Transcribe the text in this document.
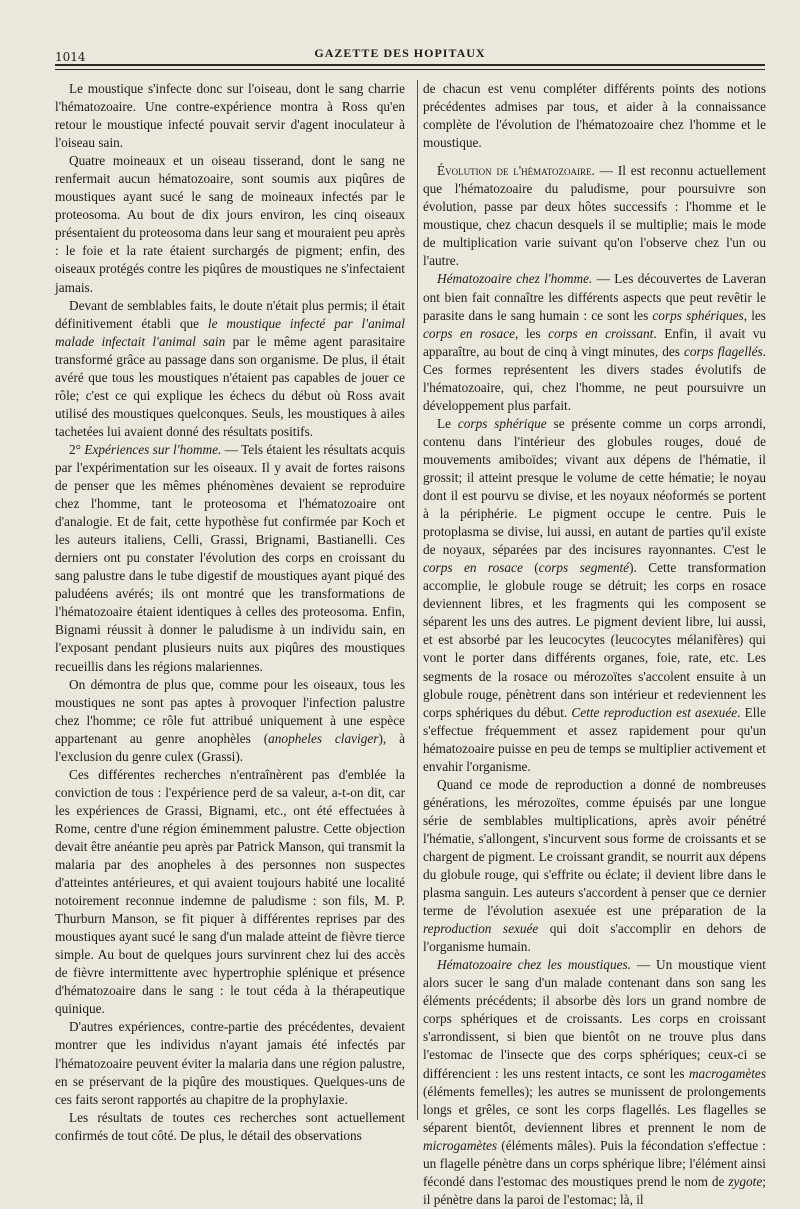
1014	GAZETTE DES HOPITAUX

Le moustique s'infecte donc sur l'oiseau, dont le sang charrie l'hématozoaire. Une contre-expérience montra à Ross qu'en retour le moustique infecté pouvait servir d'agent inoculateur à l'oiseau sain.

Quatre moineaux et un oiseau tisserand, dont le sang ne renfermait aucun hématozoaire, sont soumis aux piqûres de moustiques ayant sucé le sang de moineaux infectés par le proteosoma. Au bout de dix jours environ, les cinq oiseaux présentaient du proteosoma dans leur sang et mouraient peu après : le foie et la rate étaient surchargés de pigment; enfin, des oiseaux protégés contre les piqûres de moustiques ne s'infectaient jamais.

Devant de semblables faits, le doute n'était plus permis; il était définitivement établi que le moustique infecté par l'animal malade infectait l'animal sain par le même agent parasitaire transformé grâce au passage dans son organisme. De plus, il était avéré que tous les moustiques n'étaient pas capables de jouer ce rôle; c'est ce qui explique les échecs du début où Ross avait utilisé des moustiques quelconques. Seuls, les moustiques à ailes tachetées lui avaient donné des résultats positifs.

2° Expériences sur l'homme. — Tels étaient les résultats acquis par l'expérimentation sur les oiseaux. Il y avait de fortes raisons de penser que les mêmes phénomènes devaient se reproduire chez l'homme, tant le proteosoma et l'hématozoaire ont d'analogie. Et de fait, cette hypothèse fut confirmée par Koch et les auteurs italiens, Celli, Grassi, Brignami, Bastianelli. Ces derniers ont pu constater l'évolution des corps en croissant du sang palustre dans le tube digestif de moustiques ayant piqué des paludéens avérés; ils ont montré que les transformations de l'hématozoaire étaient identiques à celles des proteosoma. Enfin, Bignami réussit à donner le paludisme à un individu sain, en l'exposant pendant plusieurs nuits aux piqûres des moustiques recueillis dans les régions malariennes.

On démontra de plus que, comme pour les oiseaux, tous les moustiques ne sont pas aptes à provoquer l'infection palustre chez l'homme; ce rôle fut attribué uniquement à une espèce appartenant au genre anophèles (anopheles claviger), à l'exclusion du genre culex (Grassi).

Ces différentes recherches n'entraînèrent pas d'emblée la conviction de tous : l'expérience perd de sa valeur, a-t-on dit, car les expériences de Grassi, Bignami, etc., ont été effectuées à Rome, centre d'une région éminemment palustre. Cette objection devait être anéantie peu après par Patrick Manson, qui transmit la malaria par des anopheles à des personnes non suspectes d'atteintes antérieures, et qui avaient toujours habité une localité notoirement reconnue indemne de paludisme : son fils, M. P. Thurburn Manson, se fit piquer à différentes reprises par des moustiques ayant sucé le sang d'un malade atteint de fièvre tierce simple. Au bout de quelques jours survinrent chez lui des accès de fièvre intermittente avec hypertrophie splénique et présence d'hématozoaire dans le sang : le tout céda à la thérapeutique quinique.

D'autres expériences, contre-partie des précédentes, devaient montrer que les individus n'ayant jamais été infectés par l'hématozoaire peuvent éviter la malaria dans une région palustre, en se préservant de la piqûre des moustiques. Quelques-uns de ces faits seront rapportés au chapitre de la prophylaxie.

Les résultats de toutes ces recherches sont actuellement confirmés de tout côté. De plus, le détail des observations

de chacun est venu compléter différents points des notions précédentes admises par tous, et aider à la connaissance complète de l'évolution de l'hématozoaire chez l'homme et le moustique.

Évolution de l'hématozoaire. — Il est reconnu actuellement que l'hématozoaire du paludisme, pour poursuivre son évolution, passe par deux hôtes successifs : l'homme et le moustique, chez chacun desquels il se multiplie; mais le mode de multiplication varie suivant qu'on l'observe chez l'un ou l'autre.

Hématozoaire chez l'homme. — Les découvertes de Laveran ont bien fait connaître les différents aspects que peut revêtir le parasite dans le sang humain : ce sont les corps sphériques, les corps en rosace, les corps en croissant. Enfin, il avait vu apparaître, au bout de cinq à vingt minutes, des corps flagellés. Ces formes représentent les divers stades évolutifs de l'hématozoaire, qui, chez l'homme, ne peut poursuivre un développement plus parfait.

Le corps sphérique se présente comme un corps arrondi, contenu dans l'intérieur des globules rouges, doué de mouvements amiboïdes; vivant aux dépens de l'hématie, il grossit; il atteint presque le volume de cette hématie; le noyau dont il est pourvu se divise, et les noyaux néoformés se portent à la périphérie. Le pigment occupe le centre. Puis le protoplasma se divise, lui aussi, en autant de parties qu'il existe de noyaux, séparées par des incisures rayonnantes. C'est le corps en rosace (corps segmenté). Cette transformation accomplie, le globule rouge se détruit; les corps en rosace deviennent libres, et les fragments qui les composent se séparent les uns des autres. Le pigment devient libre, lui aussi, et est absorbé par les leucocytes (leucocytes mélanifères) qui vont le porter dans différents organes, foie, rate, etc. Les segments de la rosace ou mérozoïtes s'accolent ensuite à un globule rouge, pénètrent dans son intérieur et redeviennent les corps sphériques du début. Cette reproduction est asexuée. Elle s'effectue fréquemment et assez rapidement pour qu'un hématozoaire puisse en peu de temps se multiplier activement et envahir l'organisme.

Quand ce mode de reproduction a donné de nombreuses générations, les mérozoïtes, comme épuisés par une longue série de semblables multiplications, après avoir pénétré l'hématie, s'allongent, s'incurvent sous forme de croissants et se chargent de pigment. Le croissant grandit, se nourrit aux dépens du globule rouge, qui s'effrite ou éclate; il devient libre dans le plasma sanguin. Les auteurs s'accordent à penser que ce dernier terme de l'évolution asexuée est une préparation de la reproduction sexuée qui doit s'accomplir en dehors de l'organisme humain.

Hématozoaire chez les moustiques. — Un moustique vient alors sucer le sang d'un malade contenant dans son sang les éléments précédents; il absorbe dès lors un grand nombre de corps sphériques et de croissants. Les corps en croissant s'arrondissent, si bien que bientôt on ne trouve plus dans l'estomac de l'insecte que des corps sphériques; ceux-ci se différencient : les uns restent intacts, ce sont les macrogamètes (éléments femelles); les autres se munissent de prolongements longs et grêles, ce sont les corps flagellés. Les flagelles se séparent bientôt, deviennent libres et prennent le nom de microgamètes (éléments mâles). Puis la fécondation s'effectue : un flagelle pénètre dans un corps sphérique libre; l'élément ainsi fécondé dans l'estomac des moustiques prend le nom de zygote; il pénètre dans la paroi de l'estomac; là, il
